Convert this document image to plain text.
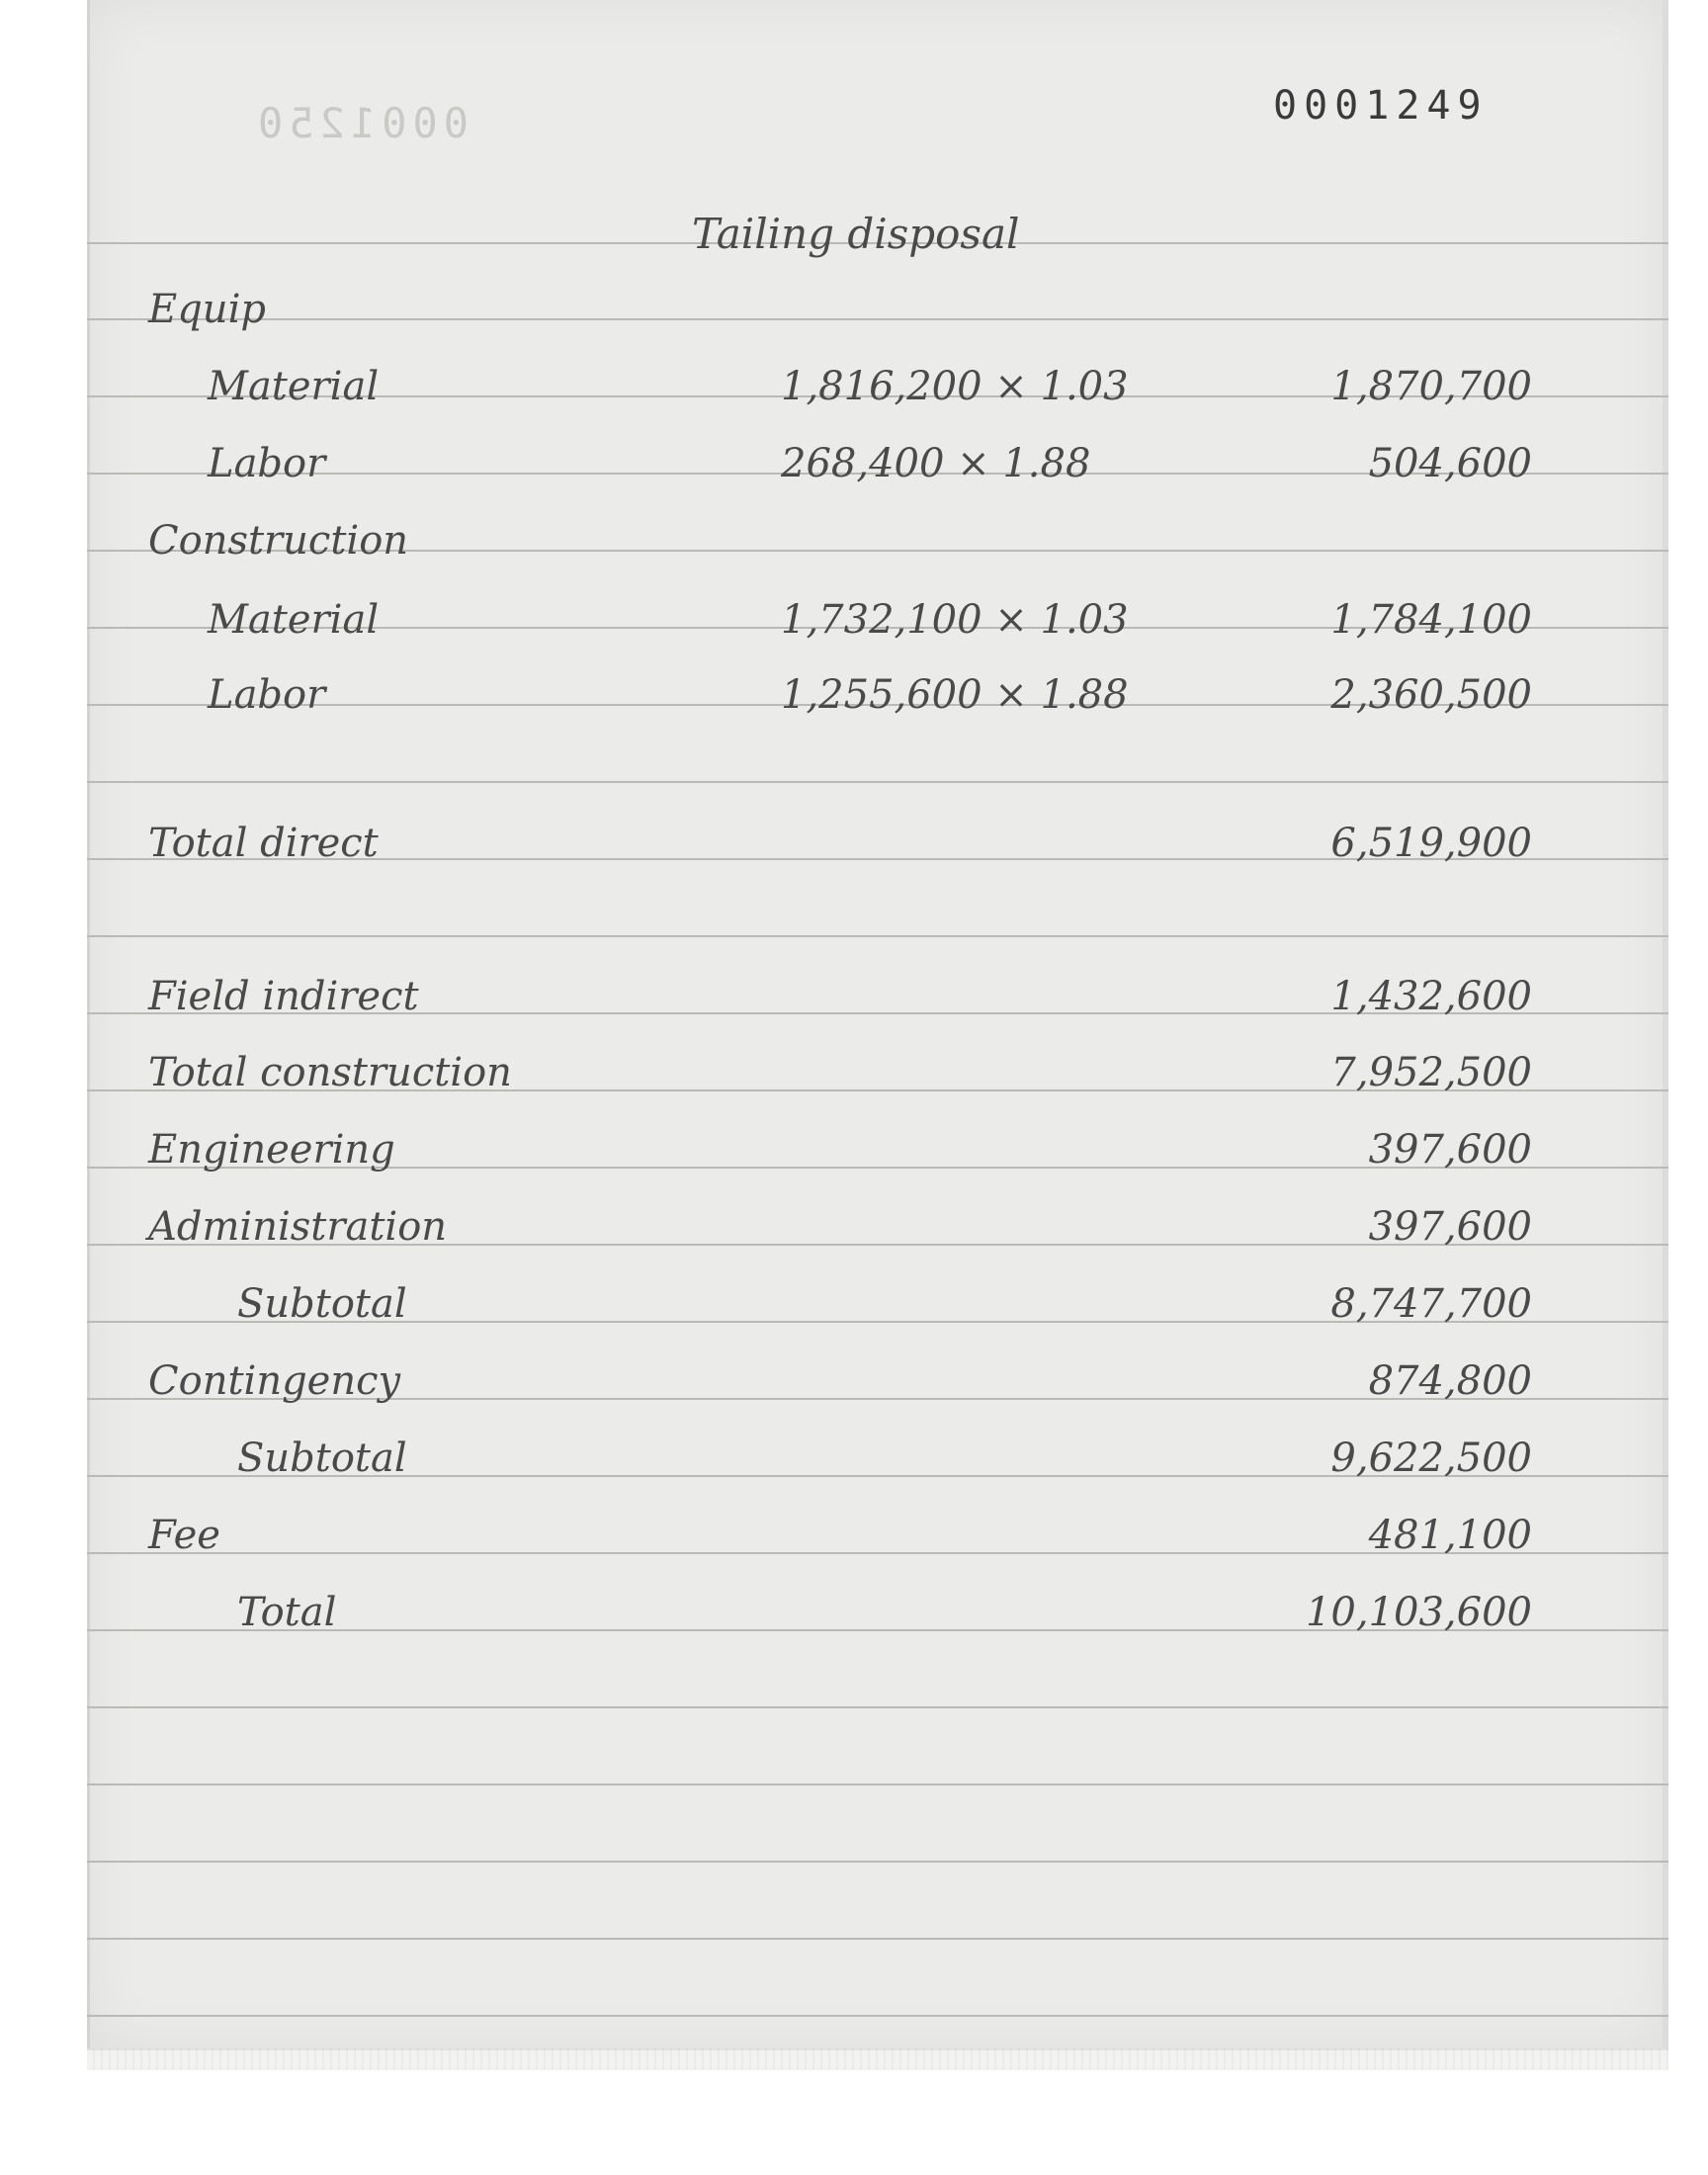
0001250	0001249
Tailing disposal
Equip
Material	1,816,200 × 1.03	1,870,700
Labor	268,400 × 1.88	504,600
Construction
Material	1,732,100 × 1.03	1,784,100
Labor	1,255,600 × 1.88	2,360,500
Total direct	6,519,900
Field indirect	1,432,600
Total construction	7,952,500
Engineering	397,600
Administration	397,600
Subtotal	8,747,700
Contingency	874,800
Subtotal	9,622,500
Fee	481,100
Total	10,103,600
